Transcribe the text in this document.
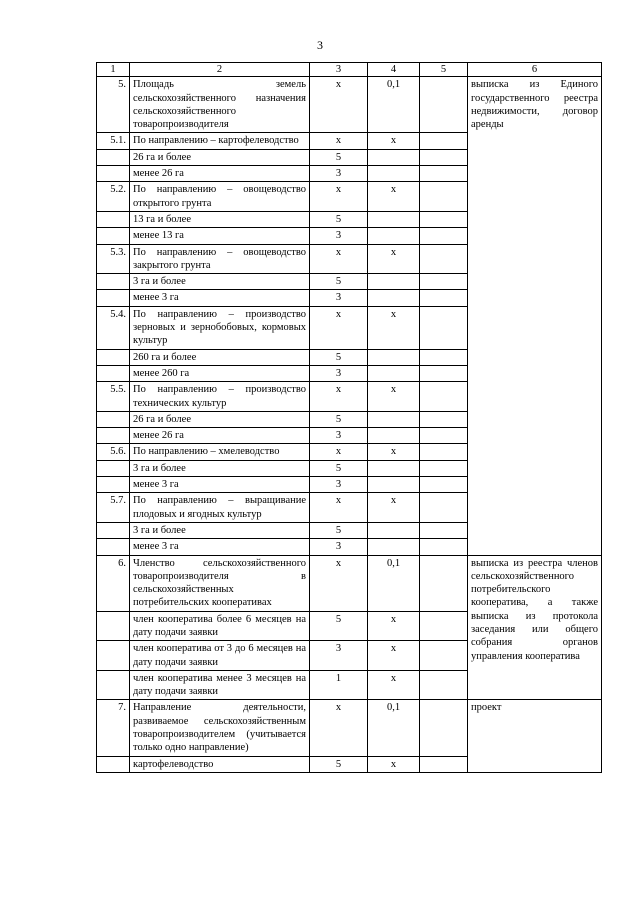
3
1	2	3	4	5	6
5.	Площадь земель сельскохозяйственного назначения сельскохозяйственного товаропроизводителя	x	0,1		выписка из Единого государственного реестра недвижимости, договор аренды
5.1.	По направлению – картофелеводство	x	x		
	26 га и более	5			
	менее 26 га	3			
5.2.	По направлению – овощеводство открытого грунта	x	x		
	13 га и более	5			
	менее 13 га	3			
5.3.	По направлению – овощеводство закрытого грунта	x	x		
	3 га и более	5			
	менее 3 га	3			
5.4.	По направлению – производство зерновых и зернобобовых, кормовых культур	x	x		
	260 га и более	5			
	менее 260 га	3			
5.5.	По направлению – производство технических культур	x	x		
	26 га и более	5			
	менее 26 га	3			
5.6.	По направлению – хмелеводство	x	x		
	3 га и более	5			
	менее 3 га	3			
5.7.	По направлению – выращивание плодовых и ягодных культур	x	x		
	3 га и более	5			
	менее 3 га	3			
6.	Членство сельскохозяйственного товаропроизводителя в сельскохозяйственных потребительских кооперативах	x	0,1		выписка из реестра членов сельскохозяйственного потребительского кооператива, а также выписка из протокола заседания или общего собрания органов управления кооператива
	член кооператива более 6 месяцев на дату подачи заявки	5	x		
	член кооператива от 3 до 6 месяцев на дату подачи заявки	3	x		
	член кооператива менее 3 месяцев на дату подачи заявки	1	x		
7.	Направление деятельности, развиваемое сельскохозяйственным товаропроизводителем (учитывается только одно направление)	x	0,1		проект
	картофелеводство	5	x		
